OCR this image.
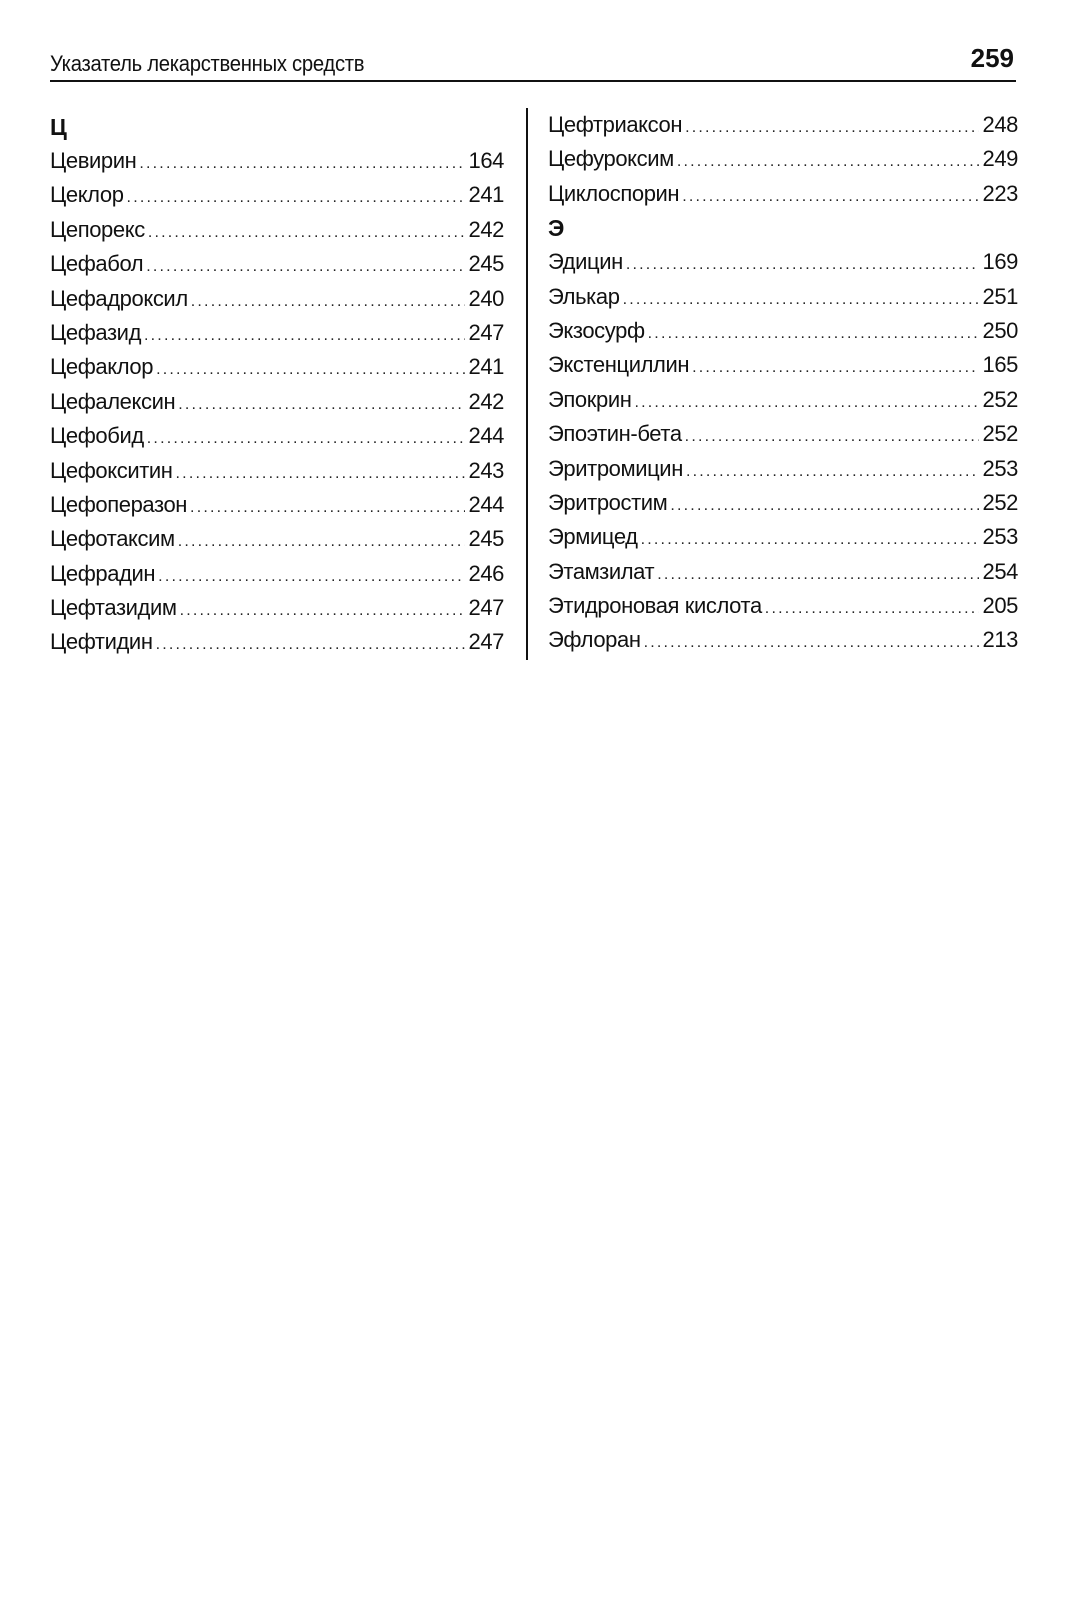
Указатель лекарственных средств	259
Ц
Цевирин .....	164
Цеклор .....	241
Цепорекс .....	242
Цефабол .....	245
Цефадроксил .....	240
Цефазид .....	247
Цефаклор .....	241
Цефалексин .....	242
Цефобид .....	244
Цефокситин .....	243
Цефоперазон .....	244
Цефотаксим .....	245
Цефрадин .....	246
Цефтазидим .....	247
Цефтидин .....	247
Цефтриаксон .....	248
Цефуроксим .....	249
Циклоспорин .....	223
Э
Эдицин .....	169
Элькар .....	251
Экзосурф .....	250
Экстенциллин .....	165
Эпокрин .....	252
Эпоэтин-бета .....	252
Эритромицин .....	253
Эритростим .....	252
Эрмицед .....	253
Этамзилат .....	254
Этидроновая кислота .....	205
Эфлоран .....	213
